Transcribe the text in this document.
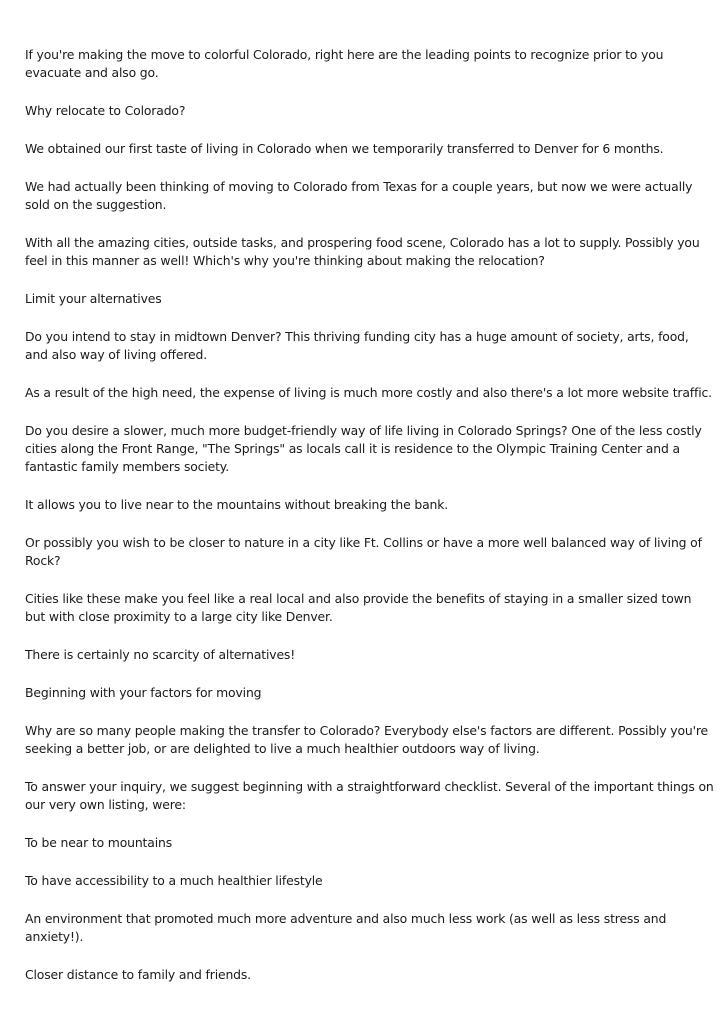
If you're making the move to colorful Colorado, right here are the leading points to recognize prior to you evacuate and also go.

Why relocate to Colorado?

We obtained our first taste of living in Colorado when we temporarily transferred to Denver for 6 months.

We had actually been thinking of moving to Colorado from Texas for a couple years, but now we were actually sold on the suggestion.

With all the amazing cities, outside tasks, and prospering food scene, Colorado has a lot to supply. Possibly you feel in this manner as well! Which's why you're thinking about making the relocation?

Limit your alternatives

Do you intend to stay in midtown Denver? This thriving funding city has a huge amount of society, arts, food, and also way of living offered.

As a result of the high need, the expense of living is much more costly and also there's a lot more website traffic.

Do you desire a slower, much more budget-friendly way of life living in Colorado Springs? One of the less costly cities along the Front Range, "The Springs" as locals call it is residence to the Olympic Training Center and a fantastic family members society.

It allows you to live near to the mountains without breaking the bank.

Or possibly you wish to be closer to nature in a city like Ft. Collins or have a more well balanced way of living of Rock?

Cities like these make you feel like a real local and also provide the benefits of staying in a smaller sized town but with close proximity to a large city like Denver.

There is certainly no scarcity of alternatives!

Beginning with your factors for moving

Why are so many people making the transfer to Colorado? Everybody else's factors are different. Possibly you're seeking a better job, or are delighted to live a much healthier outdoors way of living.

To answer your inquiry, we suggest beginning with a straightforward checklist. Several of the important things on our very own listing, were:

To be near to mountains

To have accessibility to a much healthier lifestyle

An environment that promoted much more adventure and also much less work (as well as less stress and anxiety!).

Closer distance to family and friends.
